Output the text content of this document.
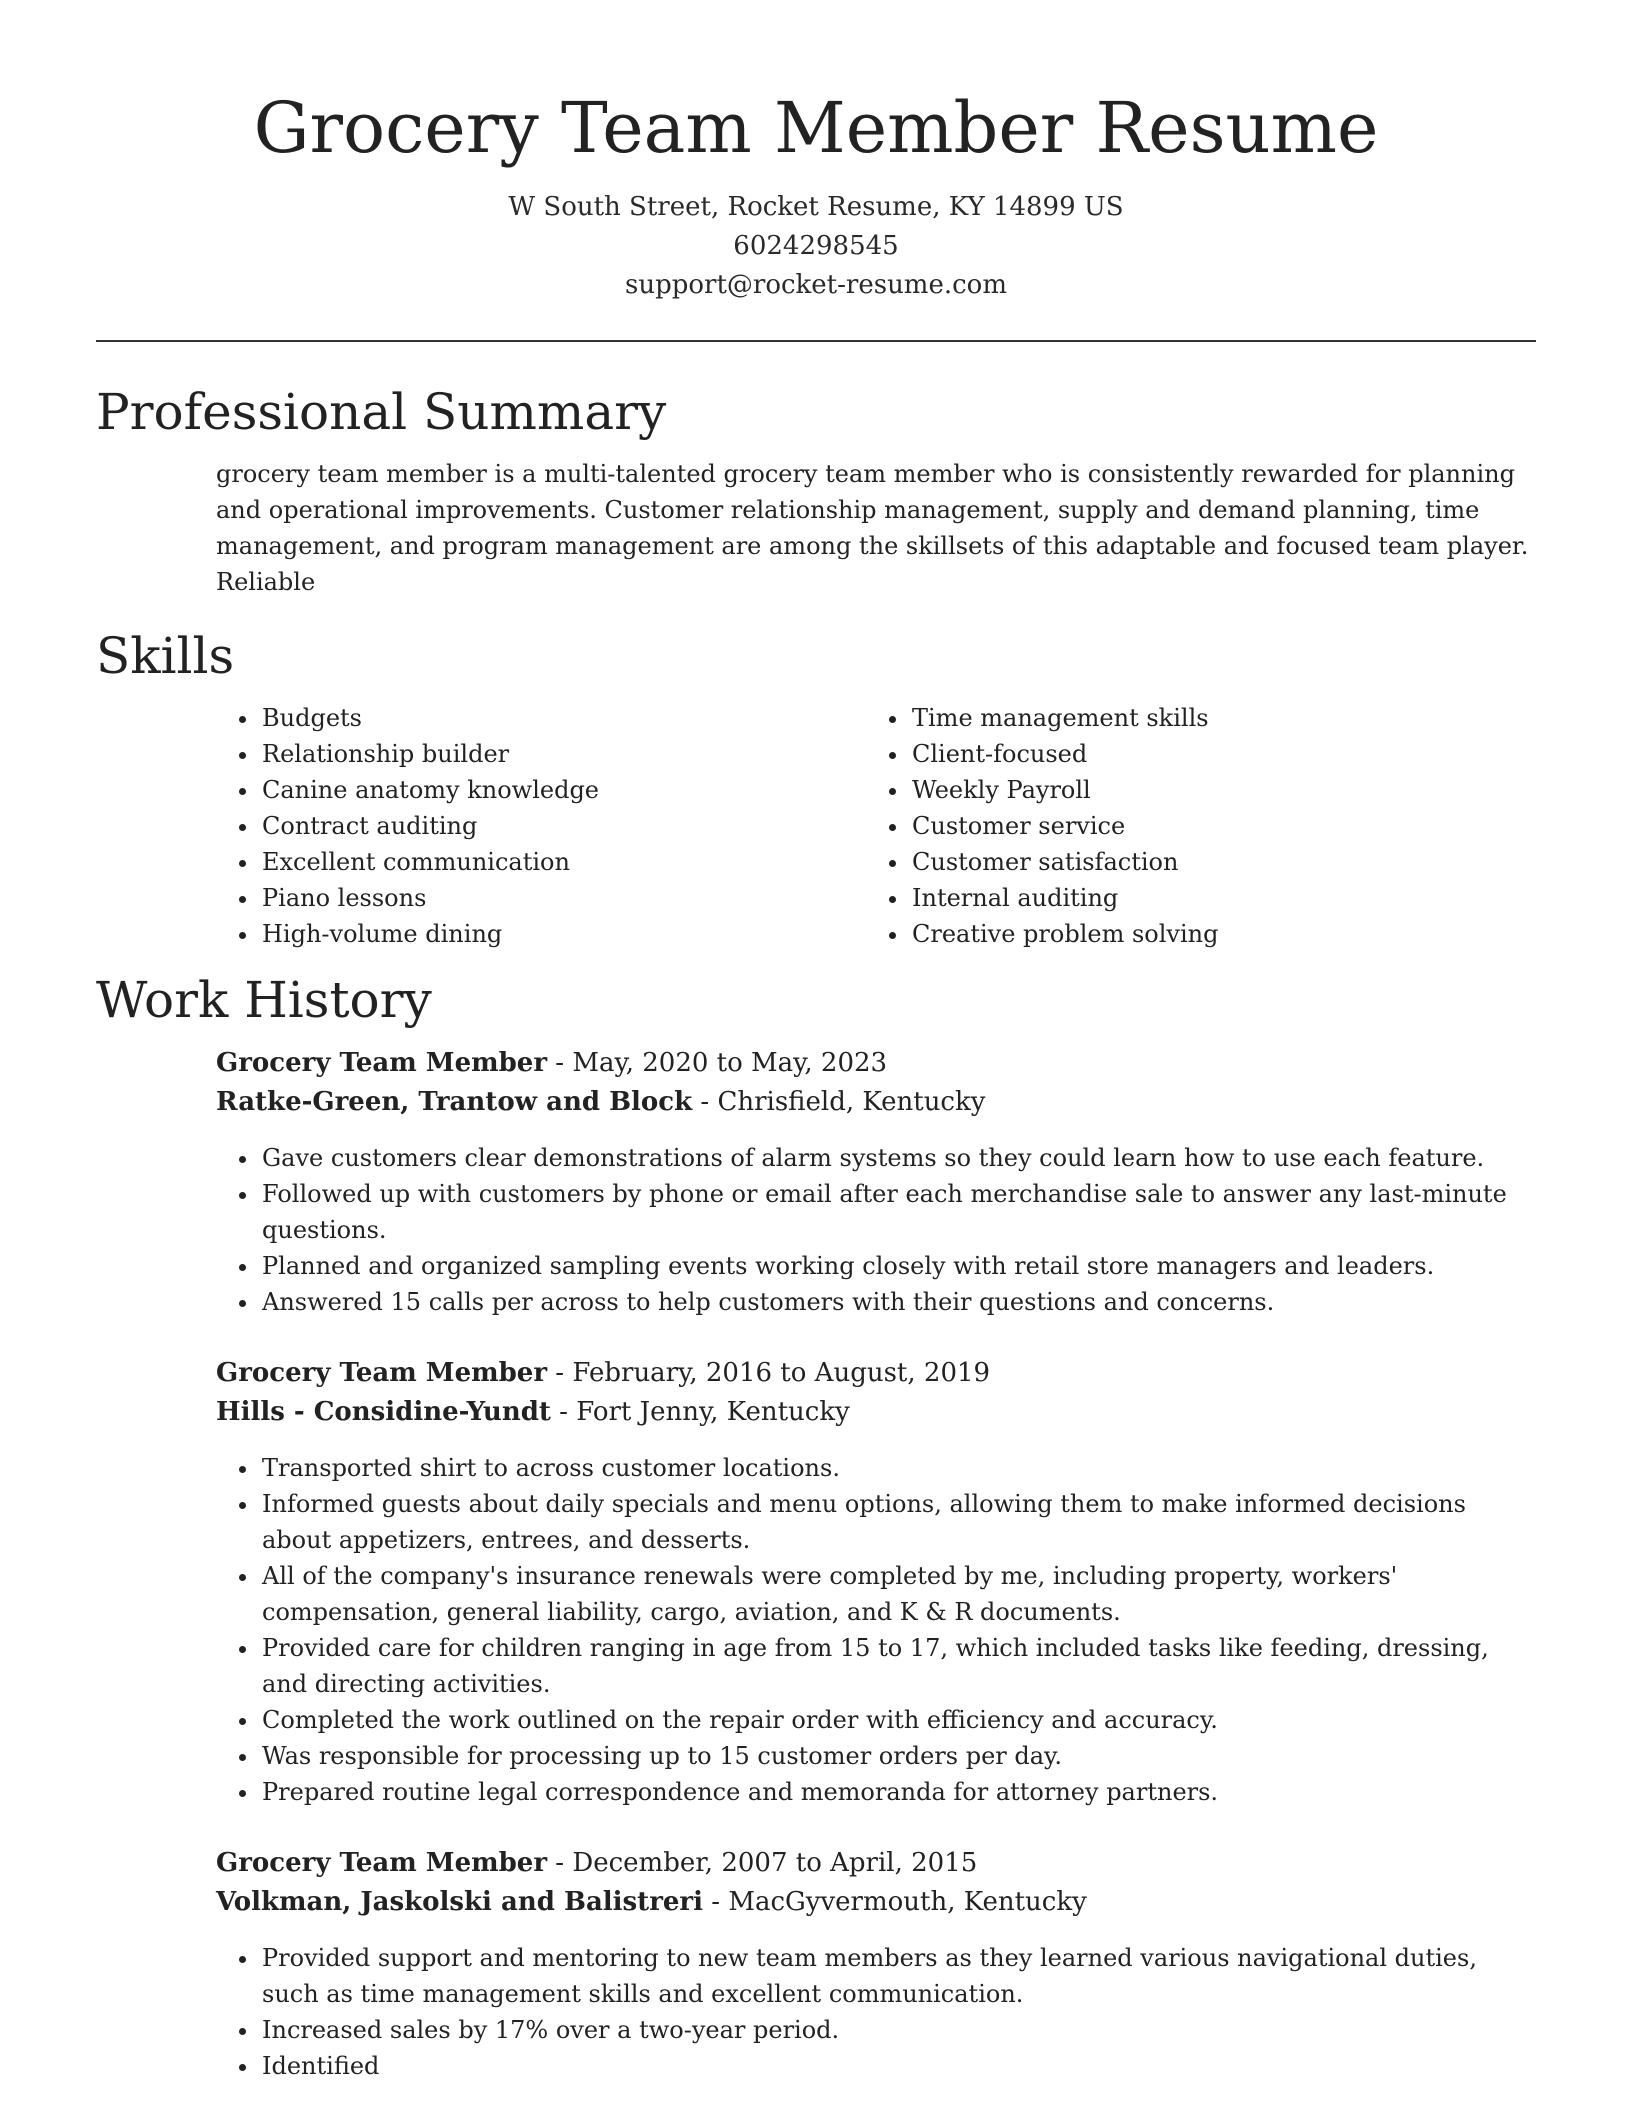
Grocery Team Member Resume
W South Street, Rocket Resume, KY 14899 US
6024298545
support@rocket-resume.com
Professional Summary

grocery team member is a multi-talented grocery team member who is consistently rewarded for planning and operational improvements. Customer relationship management, supply and demand planning, time management, and program management are among the skillsets of this adaptable and focused team player. Reliable

Skills
• Budgets
• Relationship builder
• Canine anatomy knowledge
• Contract auditing
• Excellent communication
• Piano lessons
• High-volume dining
• Time management skills
• Client-focused
• Weekly Payroll
• Customer service
• Customer satisfaction
• Internal auditing
• Creative problem solving
Work History
Grocery Team Member - May, 2020 to May, 2023
Ratke-Green, Trantow and Block - Chrisfield, Kentucky
• Gave customers clear demonstrations of alarm systems so they could learn how to use each feature.
• Followed up with customers by phone or email after each merchandise sale to answer any last-minute questions.
• Planned and organized sampling events working closely with retail store managers and leaders.
• Answered 15 calls per across to help customers with their questions and concerns.
Grocery Team Member - February, 2016 to August, 2019
Hills - Considine-Yundt - Fort Jenny, Kentucky
• Transported shirt to across customer locations.
• Informed guests about daily specials and menu options, allowing them to make informed decisions about appetizers, entrees, and desserts.
• All of the company's insurance renewals were completed by me, including property, workers' compensation, general liability, cargo, aviation, and K & R documents.
• Provided care for children ranging in age from 15 to 17, which included tasks like feeding, dressing, and directing activities.
• Completed the work outlined on the repair order with efficiency and accuracy.
• Was responsible for processing up to 15 customer orders per day.
• Prepared routine legal correspondence and memoranda for attorney partners.
Grocery Team Member - December, 2007 to April, 2015
Volkman, Jaskolski and Balistreri - MacGyvermouth, Kentucky
• Provided support and mentoring to new team members as they learned various navigational duties, such as time management skills and excellent communication.
• Increased sales by 17% over a two-year period.
• Identified
